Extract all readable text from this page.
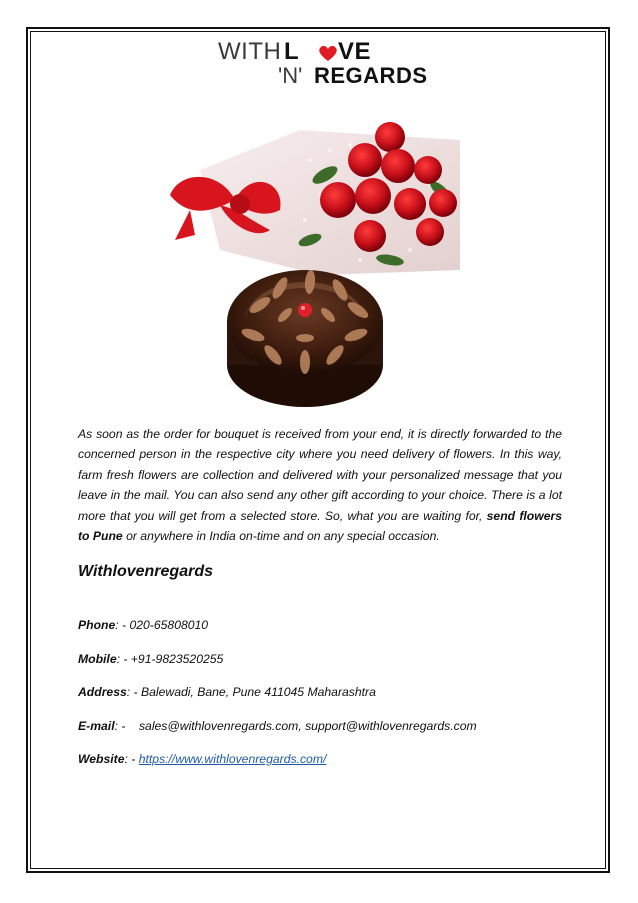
WITH L VE
'N' REGARDS

As soon as the order for bouquet is received from your end, it is directly forwarded to the concerned person in the respective city where you need delivery of flowers. In this way, farm fresh flowers are collection and delivered with your personalized message that you leave in the mail. You can also send any other gift according to your choice. There is a lot more that you will get from a selected store. So, what you are waiting for, send flowers to Pune or anywhere in India on-time and on any special occasion.

Withlovenregards

Phone: - 020-65808010

Mobile: - +91-9823520255

Address: - Balewadi, Bane, Pune 411045 Maharashtra

E-mail: -    sales@withlovenregards.com, support@withlovenregards.com

Website: - https://www.withlovenregards.com/
